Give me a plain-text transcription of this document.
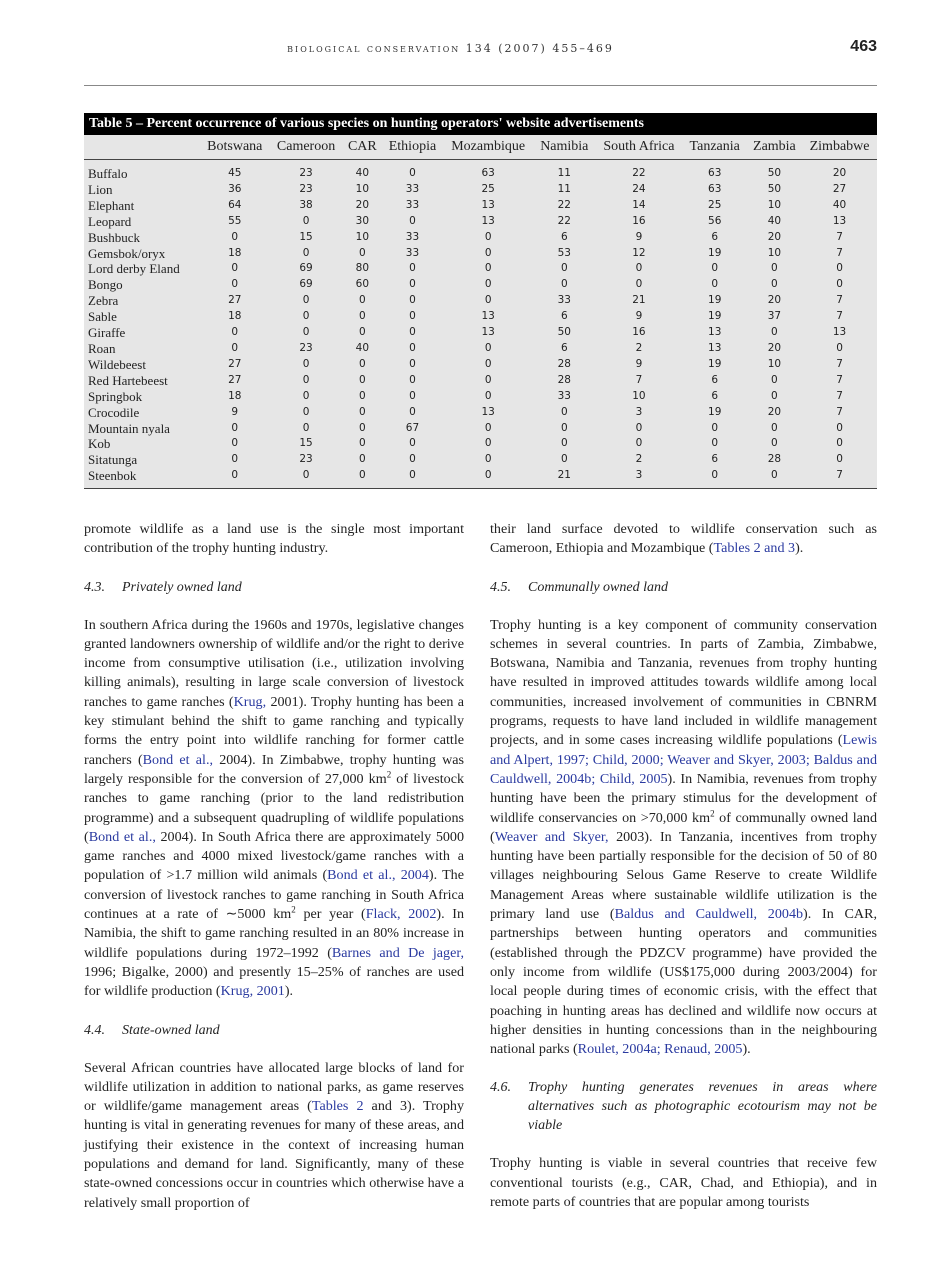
biological conservation 134 (2007) 455–469	463
Table 5 – Percent occurrence of various species on hunting operators' website advertisements
	Botswana	Cameroon	CAR	Ethiopia	Mozambique	Namibia	South Africa	Tanzania	Zambia	Zimbabwe
Buffalo	45	23	40	0	63	11	22	63	50	20
Lion	36	23	10	33	25	11	24	63	50	27
Elephant	64	38	20	33	13	22	14	25	10	40
Leopard	55	0	30	0	13	22	16	56	40	13
Bushbuck	0	15	10	33	0	6	9	6	20	7
Gemsbok/oryx	18	0	0	33	0	53	12	19	10	7
Lord derby Eland	0	69	80	0	0	0	0	0	0	0
Bongo	0	69	60	0	0	0	0	0	0	0
Zebra	27	0	0	0	0	33	21	19	20	7
Sable	18	0	0	0	13	6	9	19	37	7
Giraffe	0	0	0	0	13	50	16	13	0	13
Roan	0	23	40	0	0	6	2	13	20	0
Wildebeest	27	0	0	0	0	28	9	19	10	7
Red Hartebeest	27	0	0	0	0	28	7	6	0	7
Springbok	18	0	0	0	0	33	10	6	0	7
Crocodile	9	0	0	0	13	0	3	19	20	7
Mountain nyala	0	0	0	67	0	0	0	0	0	0
Kob	0	15	0	0	0	0	0	0	0	0
Sitatunga	0	23	0	0	0	0	2	6	28	0
Steenbok	0	0	0	0	0	21	3	0	0	7

promote wildlife as a land use is the single most important contribution of the trophy hunting industry.

4.3. Privately owned land

In southern Africa during the 1960s and 1970s, legislative changes granted landowners ownership of wildlife and/or the right to derive income from consumptive utilisation (i.e., utilization involving killing animals), resulting in large scale conversion of livestock ranches to game ranches (Krug, 2001). Trophy hunting has been a key stimulant behind the shift to game ranching and typically forms the entry point into wildlife ranching for former cattle ranchers (Bond et al., 2004). In Zimbabwe, trophy hunting was largely responsible for the conversion of 27,000 $km^2$ of livestock ranches to game ranching (prior to the land redistribution programme) and a subsequent quadrupling of wildlife populations (Bond et al., 2004). In South Africa there are approximately 5000 game ranches and 4000 mixed livestock/game ranches with a population of >1.7 million wild animals (Bond et al., 2004). The conversion of livestock ranches to game ranching in South Africa continues at a rate of ∼5000 $km^2$ per year (Flack, 2002). In Namibia, the shift to game ranching resulted in an 80% increase in wildlife populations during 1972–1992 (Barnes and De jager, 1996; Bigalke, 2000) and presently 15–25% of ranches are used for wildlife production (Krug, 2001).

4.4. State-owned land

Several African countries have allocated large blocks of land for wildlife utilization in addition to national parks, as game reserves or wildlife/game management areas (Tables 2 and 3). Trophy hunting is vital in generating revenues for many of these areas, and justifying their existence in the context of increasing human populations and demand for land. Significantly, many of these state-owned concessions occur in countries which otherwise have a relatively small proportion of

their land surface devoted to wildlife conservation such as Cameroon, Ethiopia and Mozambique (Tables 2 and 3).

4.5. Communally owned land

Trophy hunting is a key component of community conservation schemes in several countries. In parts of Zambia, Zimbabwe, Botswana, Namibia and Tanzania, revenues from trophy hunting have resulted in improved attitudes towards wildlife among local communities, increased involvement of communities in CBNRM programs, requests to have land included in wildlife management projects, and in some cases increasing wildlife populations (Lewis and Alpert, 1997; Child, 2000; Weaver and Skyer, 2003; Baldus and Cauldwell, 2004b; Child, 2005). In Namibia, revenues from trophy hunting have been the primary stimulus for the development of wildlife conservancies on >70,000 $km^2$ of communally owned land (Weaver and Skyer, 2003). In Tanzania, incentives from trophy hunting have been partially responsible for the decision of 50 of 80 villages neighbouring Selous Game Reserve to create Wildlife Management Areas where sustainable wildlife utilization is the primary land use (Baldus and Cauldwell, 2004b). In CAR, partnerships between hunting operators and communities (established through the PDZCV programme) have provided the only income from wildlife (US$175,000 during 2003/2004) for local people during times of economic crisis, with the effect that poaching in hunting areas has declined and wildlife now occurs at higher densities in hunting concessions than in the neighbouring national parks (Roulet, 2004a; Renaud, 2005).

4.6.	Trophy hunting generates revenues in areas where alternatives such as photographic ecotourism may not be viable

Trophy hunting is viable in several countries that receive few conventional tourists (e.g., CAR, Chad, and Ethiopia), and in remote parts of countries that are popular among tourists
